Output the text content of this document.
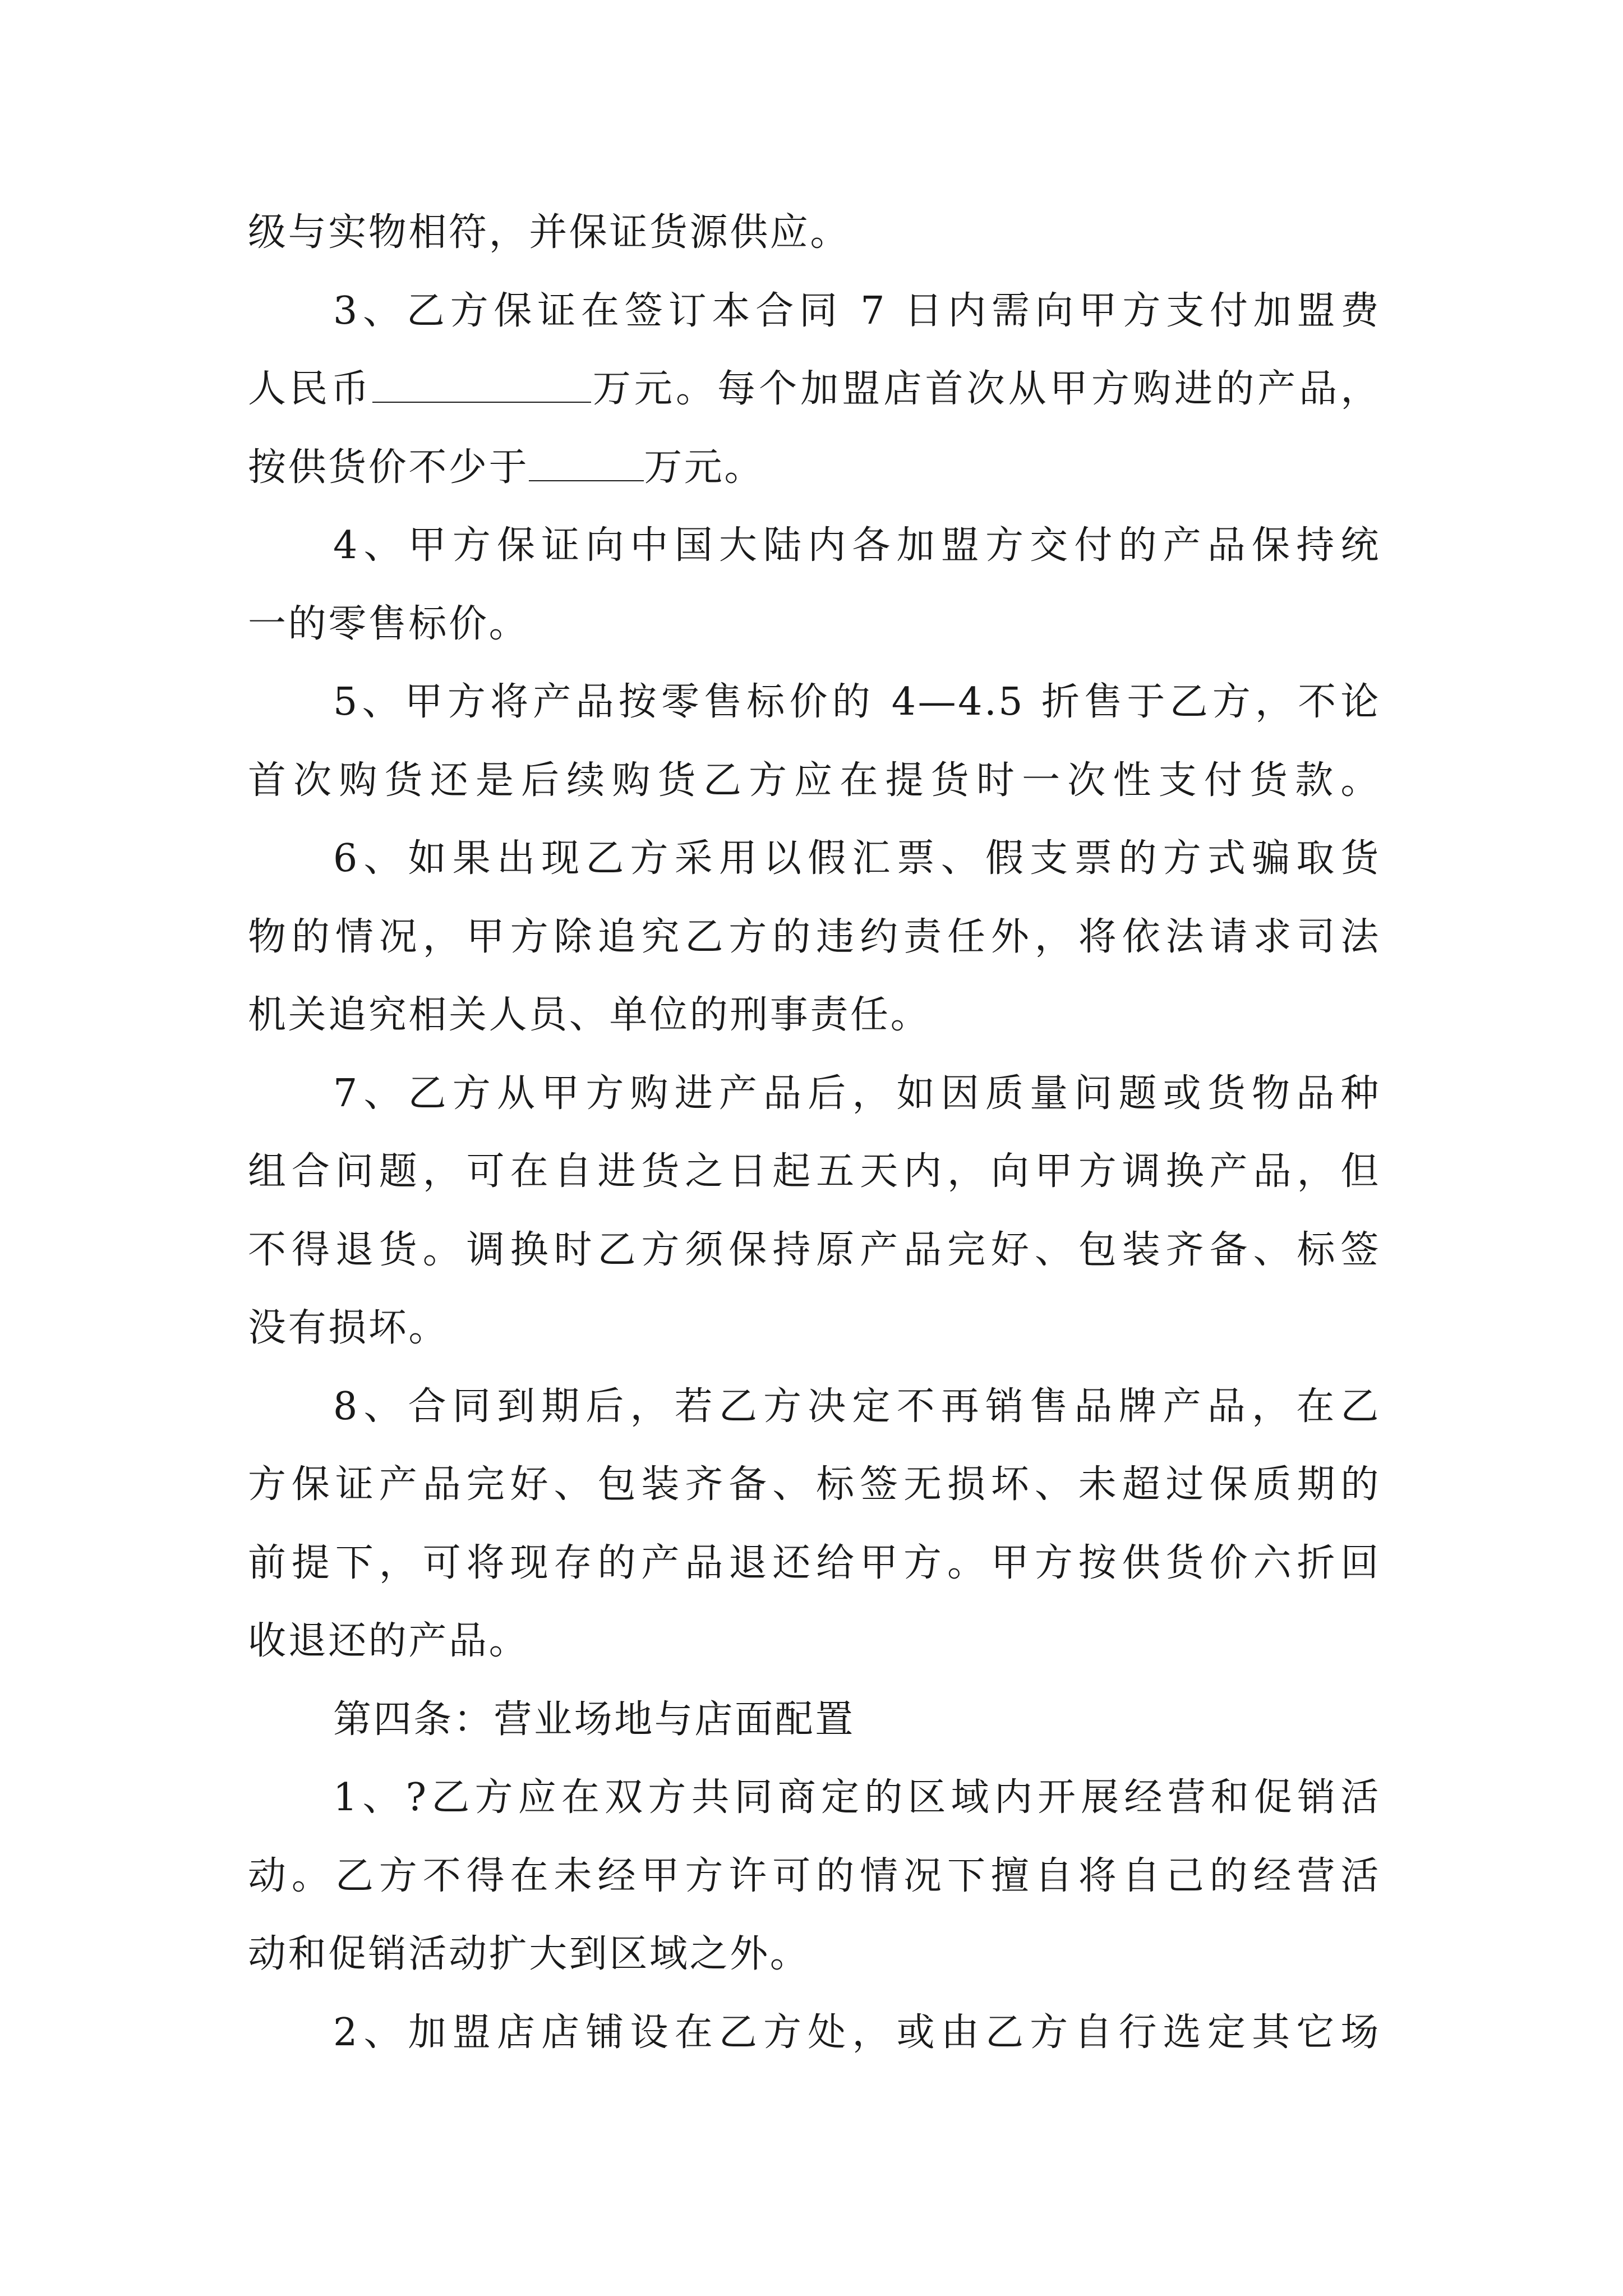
级与实物相符，并保证货源供应。
3、乙方保证在签订本合同 7 日内需向甲方支付加盟费
人民币	万元。每个加盟店首次从甲方购进的产品，
按供货价不少于	万元。
4、甲方保证向中国大陆内各加盟方交付的产品保持统
一的零售标价。
5、甲方将产品按零售标价的 4—4.5 折售于乙方，不论
首次购货还是后续购货乙方应在提货时一次性支付货款。
6、如果出现乙方采用以假汇票、假支票的方式骗取货
物的情况，甲方除追究乙方的违约责任外，将依法请求司法
机关追究相关人员、单位的刑事责任。
7、乙方从甲方购进产品后，如因质量问题或货物品种
组合问题，可在自进货之日起五天内，向甲方调换产品，但
不得退货。调换时乙方须保持原产品完好、包装齐备、标签
没有损坏。
8、合同到期后，若乙方决定不再销售品牌产品，在乙
方保证产品完好、包装齐备、标签无损坏、未超过保质期的
前提下，可将现存的产品退还给甲方。甲方按供货价六折回
收退还的产品。
第四条：营业场地与店面配置
1、?乙方应在双方共同商定的区域内开展经营和促销活
动。乙方不得在未经甲方许可的情况下擅自将自己的经营活
动和促销活动扩大到区域之外。
2、加盟店店铺设在乙方处，或由乙方自行选定其它场
